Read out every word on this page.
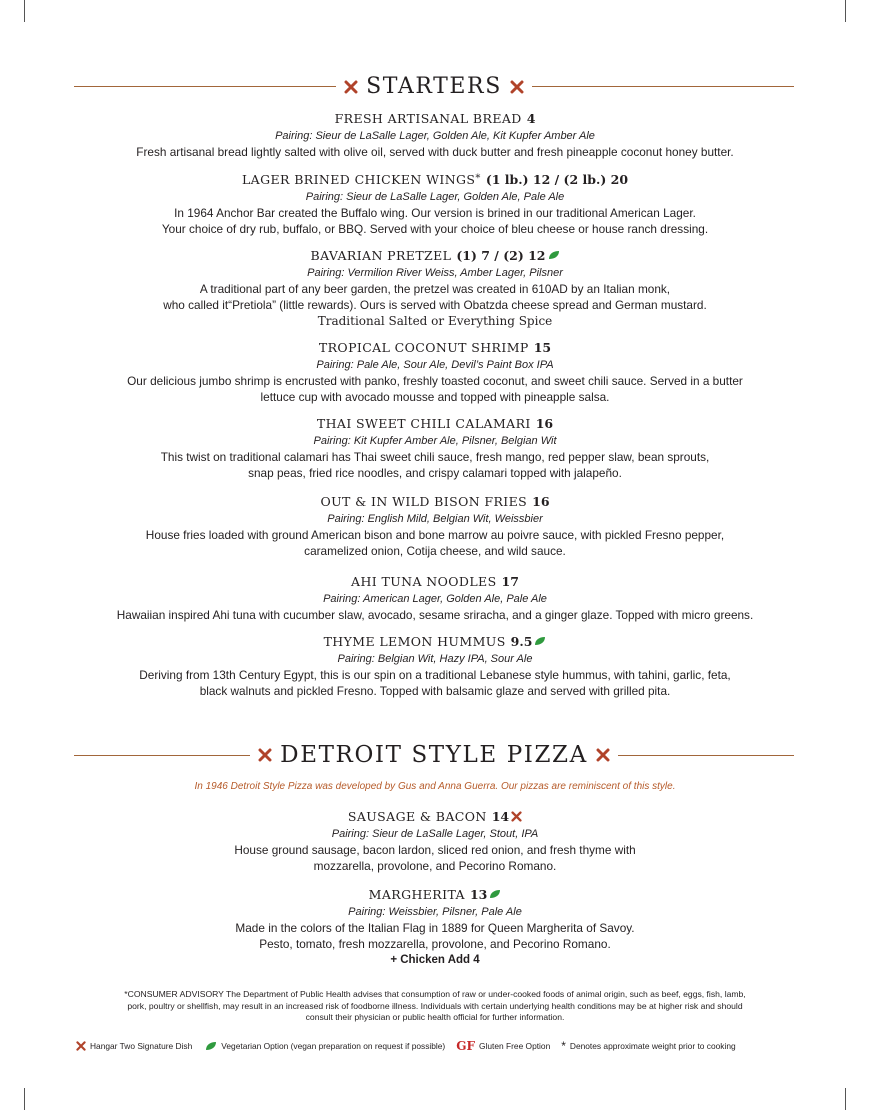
STARTERS
FRESH ARTISANAL BREAD 4
Pairing: Sieur de LaSalle Lager, Golden Ale, Kit Kupfer Amber Ale
Fresh artisanal bread lightly salted with olive oil, served with duck butter and fresh pineapple coconut honey butter.
LAGER BRINED CHICKEN WINGS* (1 lb.) 12 / (2 lb.) 20
Pairing: Sieur de LaSalle Lager, Golden Ale, Pale Ale
In 1964 Anchor Bar created the Buffalo wing. Our version is brined in our traditional American Lager.
Your choice of dry rub, buffalo, or BBQ. Served with your choice of bleu cheese or house ranch dressing.
BAVARIAN PRETZEL (1) 7 / (2) 12
Pairing: Vermilion River Weiss, Amber Lager, Pilsner
A traditional part of any beer garden, the pretzel was created in 610AD by an Italian monk,
who called it“Pretiola” (little rewards). Ours is served with Obatzda cheese spread and German mustard.
Traditional Salted or Everything Spice
TROPICAL COCONUT SHRIMP 15
Pairing: Pale Ale, Sour Ale, Devil’s Paint Box IPA
Our delicious jumbo shrimp is encrusted with panko, freshly toasted coconut, and sweet chili sauce. Served in a butter
lettuce cup with avocado mousse and topped with pineapple salsa.
THAI SWEET CHILI CALAMARI 16
Pairing: Kit Kupfer Amber Ale, Pilsner, Belgian Wit
This twist on traditional calamari has Thai sweet chili sauce, fresh mango, red pepper slaw, bean sprouts,
snap peas, fried rice noodles, and crispy calamari topped with jalapeño.
OUT & IN WILD BISON FRIES 16
Pairing: English Mild, Belgian Wit, Weissbier
House fries loaded with ground American bison and bone marrow au poivre sauce, with pickled Fresno pepper,
caramelized onion, Cotija cheese, and wild sauce.
AHI TUNA NOODLES 17
Pairing: American Lager, Golden Ale, Pale Ale
Hawaiian inspired Ahi tuna with cucumber slaw, avocado, sesame sriracha, and a ginger glaze. Topped with micro greens.
THYME LEMON HUMMUS 9.5
Pairing: Belgian Wit, Hazy IPA, Sour Ale
Deriving from 13th Century Egypt, this is our spin on a traditional Lebanese style hummus, with tahini, garlic, feta,
black walnuts and pickled Fresno. Topped with balsamic glaze and served with grilled pita.
DETROIT STYLE PIZZA
In 1946 Detroit Style Pizza was developed by Gus and Anna Guerra. Our pizzas are reminiscent of this style.
SAUSAGE & BACON 14
Pairing: Sieur de LaSalle Lager, Stout, IPA
House ground sausage, bacon lardon, sliced red onion, and fresh thyme with
mozzarella, provolone, and Pecorino Romano.
MARGHERITA 13
Pairing: Weissbier, Pilsner, Pale Ale
Made in the colors of the Italian Flag in 1889 for Queen Margherita of Savoy.
Pesto, tomato, fresh mozzarella, provolone, and Pecorino Romano.
+ Chicken Add 4
*CONSUMER ADVISORY The Department of Public Health advises that consumption of raw or under-cooked foods of animal origin, such as beef, eggs, fish, lamb,
pork, poultry or shellfish, may result in an increased risk of foodborne illness. Individuals with certain underlying health conditions may be at higher risk and should
consult their physician or public health official for further information.
Hangar Two Signature Dish	Vegetarian Option (vegan preparation on request if possible) GF Gluten Free Option * Denotes approximate weight prior to cooking
